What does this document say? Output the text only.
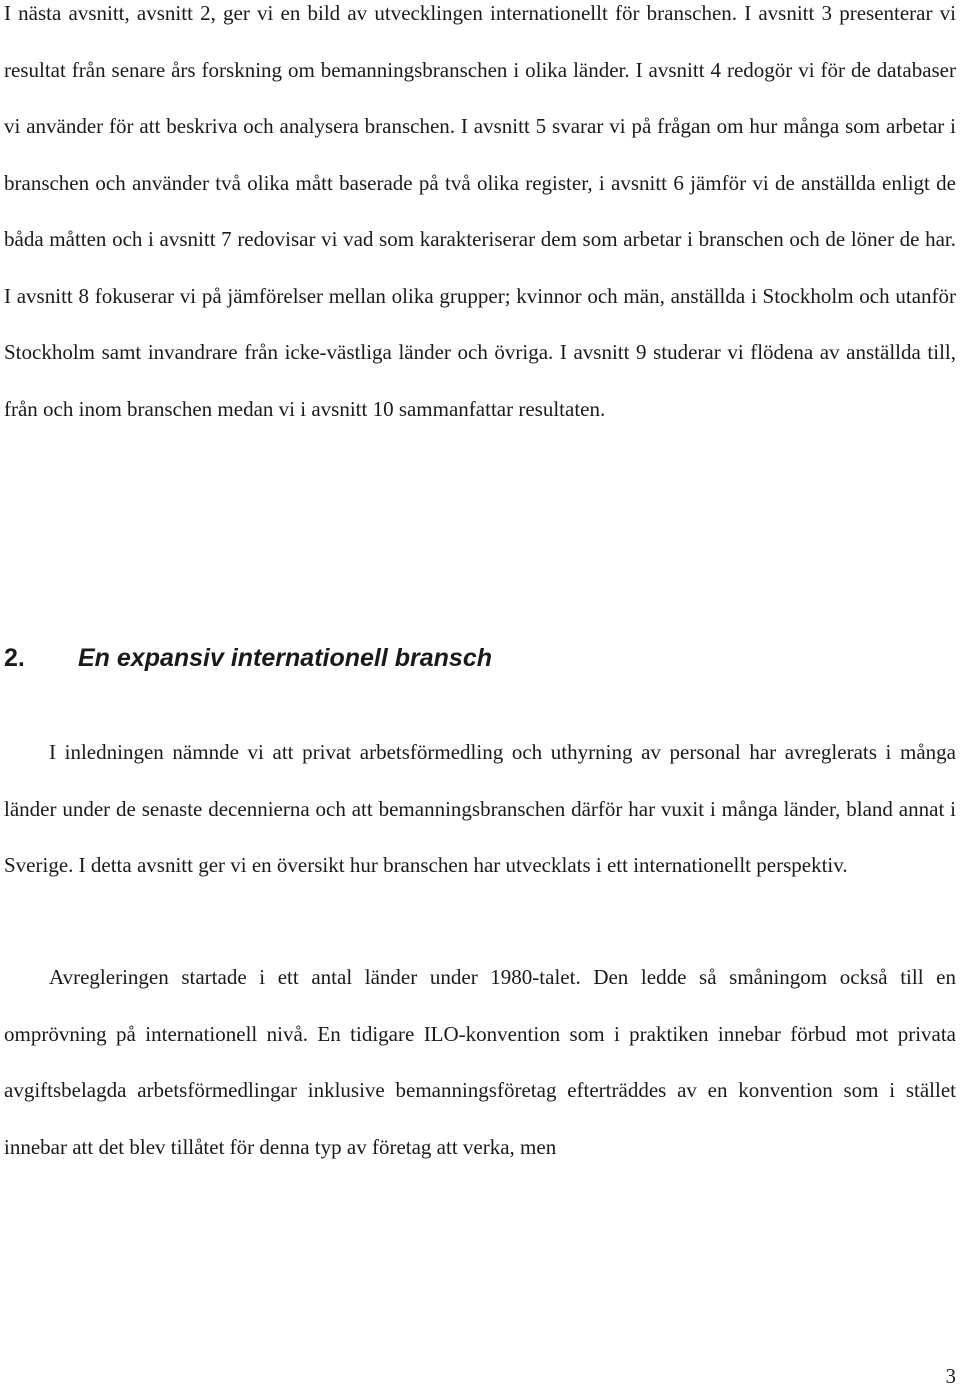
I nästa avsnitt, avsnitt 2, ger vi en bild av utvecklingen internationellt för branschen. I avsnitt 3 presenterar vi resultat från senare års forskning om bemanningsbranschen i olika länder. I avsnitt 4 redogör vi för de databaser vi använder för att beskriva och analysera branschen. I avsnitt 5 svarar vi på frågan om hur många som arbetar i branschen och använder två olika mått baserade på två olika register, i avsnitt 6 jämför vi de anställda enligt de båda måtten och i avsnitt 7 redovisar vi vad som karakteriserar dem som arbetar i branschen och de löner de har. I avsnitt 8 fokuserar vi på jämförelser mellan olika grupper; kvinnor och män, anställda i Stockholm och utanför Stockholm samt invandrare från icke-västliga länder och övriga. I avsnitt 9 studerar vi flödena av anställda till, från och inom branschen medan vi i avsnitt 10 sammanfattar resultaten.

2. En expansiv internationell bransch

I inledningen nämnde vi att privat arbetsförmedling och uthyrning av personal har avreglerats i många länder under de senaste decennierna och att bemanningsbranschen därför har vuxit i många länder, bland annat i Sverige. I detta avsnitt ger vi en översikt hur branschen har utvecklats i ett internationellt perspektiv.

Avregleringen startade i ett antal länder under 1980-talet. Den ledde så småningom också till en omprövning på internationell nivå. En tidigare ILO-konvention som i praktiken innebar förbud mot privata avgiftsbelagda arbetsförmedlingar inklusive bemanningsföretag efterträddes av en konvention som i stället innebar att det blev tillåtet för denna typ av företag att verka, men

3
